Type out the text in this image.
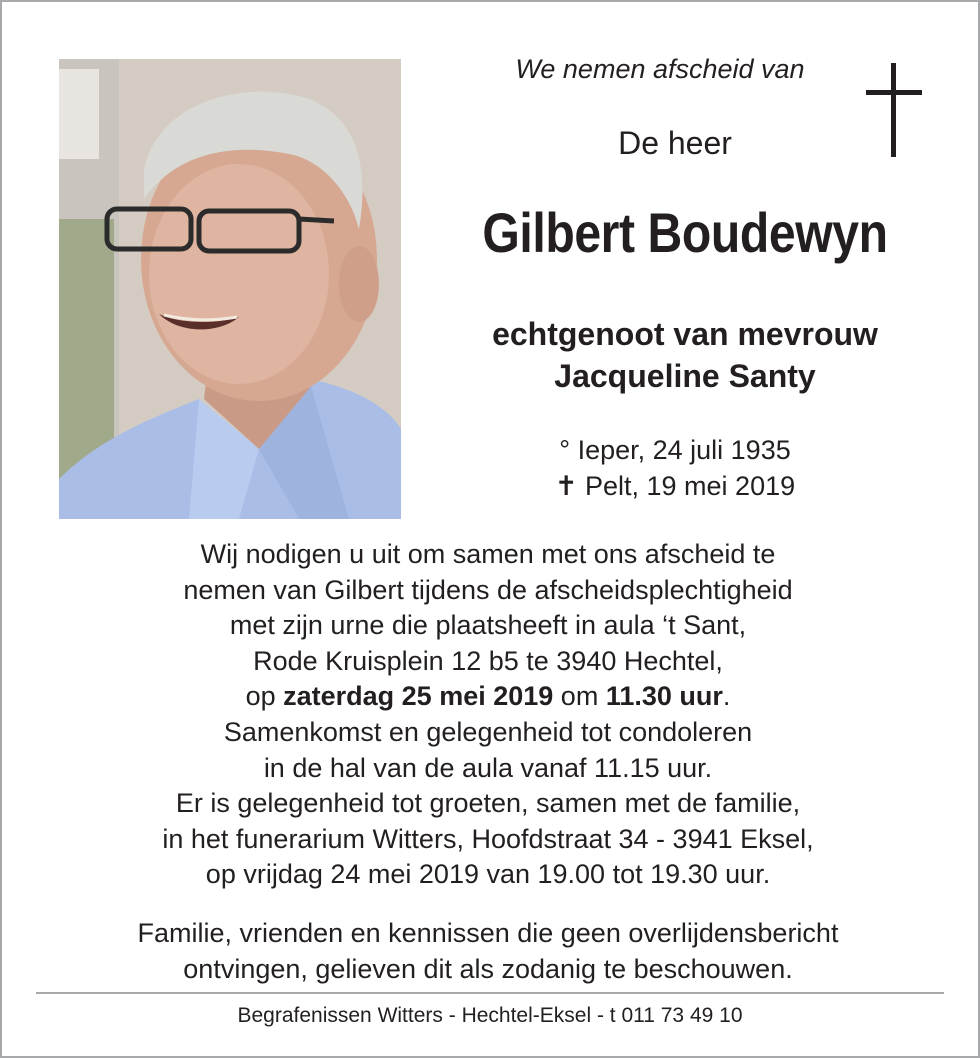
We nemen afscheid van
De heer
Gilbert Boudewyn
echtgenoot van mevrouw
Jacqueline Santy
° Ieper, 24 juli 1935
✝ Pelt, 19 mei 2019
Wij nodigen u uit om samen met ons afscheid te
nemen van Gilbert tijdens de afscheidsplechtigheid
met zijn urne die plaatsheeft in aula ‘t Sant,
Rode Kruisplein 12 b5 te 3940 Hechtel,
op zaterdag 25 mei 2019 om 11.30 uur.
Samenkomst en gelegenheid tot condoleren
in de hal van de aula vanaf 11.15 uur.
Er is gelegenheid tot groeten, samen met de familie,
in het funerarium Witters, Hoofdstraat 34 - 3941 Eksel,
op vrijdag 24 mei 2019 van 19.00 tot 19.30 uur.
Familie, vrienden en kennissen die geen overlijdensbericht
ontvingen, gelieven dit als zodanig te beschouwen.
Begrafenissen Witters - Hechtel-Eksel - t 011 73 49 10
